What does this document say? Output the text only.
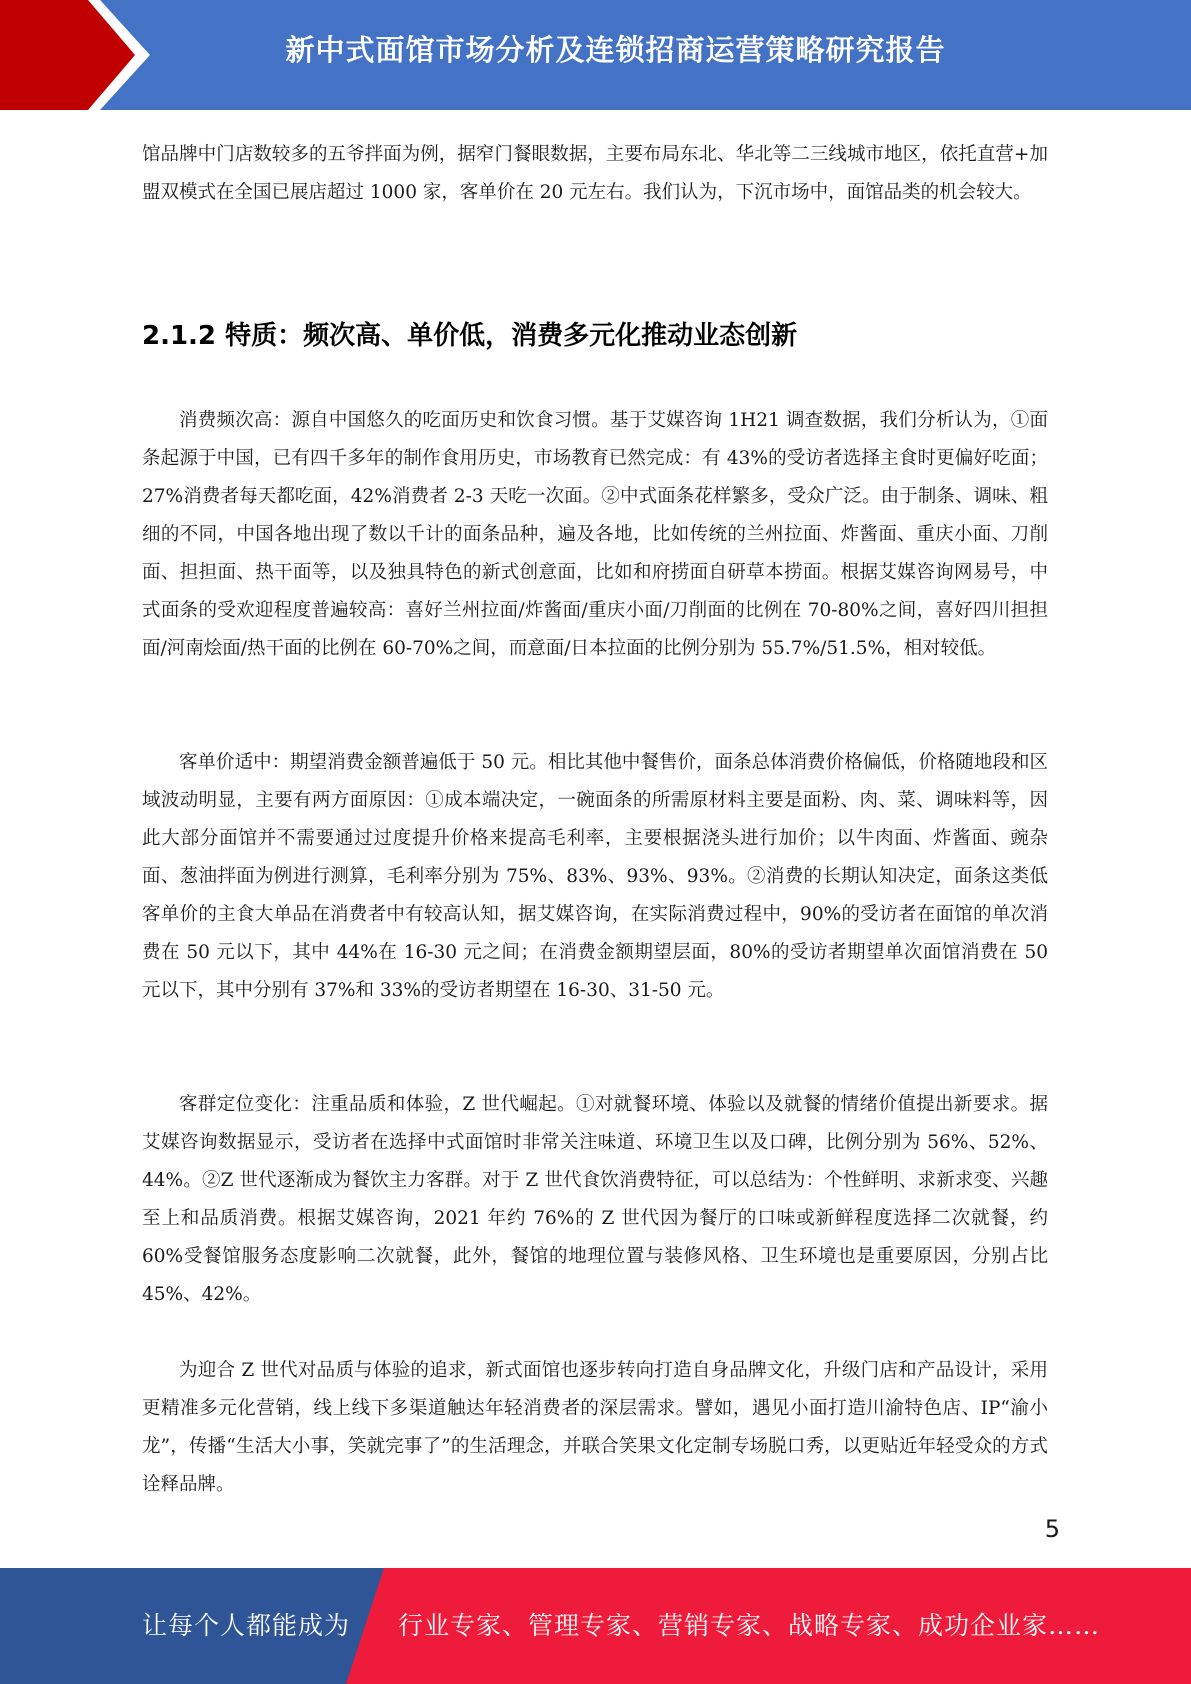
新中式面馆市场分析及连锁招商运营策略研究报告

馆品牌中门店数较多的五爷拌面为例，据窄门餐眼数据，主要布局东北、华北等二三线城市地区，依托直营+加盟双模式在全国已展店超过 1000 家，客单价在 20 元左右。我们认为，下沉市场中，面馆品类的机会较大。

2.1.2 特质：频次高、单价低，消费多元化推动业态创新

消费频次高：源自中国悠久的吃面历史和饮食习惯。基于艾媒咨询 1H21 调查数据，我们分析认为，①面条起源于中国，已有四千多年的制作食用历史，市场教育已然完成：有 43%的受访者选择主食时更偏好吃面；27%消费者每天都吃面，42%消费者 2-3 天吃一次面。②中式面条花样繁多，受众广泛。由于制条、调味、粗细的不同，中国各地出现了数以千计的面条品种，遍及各地，比如传统的兰州拉面、炸酱面、重庆小面、刀削面、担担面、热干面等，以及独具特色的新式创意面，比如和府捞面自研草本捞面。根据艾媒咨询网易号，中式面条的受欢迎程度普遍较高：喜好兰州拉面/炸酱面/重庆小面/刀削面的比例在 70-80%之间，喜好四川担担面/河南烩面/热干面的比例在 60-70%之间，而意面/日本拉面的比例分别为 55.7%/51.5%，相对较低。

客单价适中：期望消费金额普遍低于 50 元。相比其他中餐售价，面条总体消费价格偏低，价格随地段和区域波动明显，主要有两方面原因：①成本端决定，一碗面条的所需原材料主要是面粉、肉、菜、调味料等，因此大部分面馆并不需要通过过度提升价格来提高毛利率，主要根据浇头进行加价；以牛肉面、炸酱面、豌杂面、葱油拌面为例进行测算，毛利率分别为 75%、83%、93%、93%。②消费的长期认知决定，面条这类低客单价的主食大单品在消费者中有较高认知，据艾媒咨询，在实际消费过程中，90%的受访者在面馆的单次消费在 50 元以下，其中 44%在 16-30 元之间；在消费金额期望层面，80%的受访者期望单次面馆消费在 50 元以下，其中分别有 37%和 33%的受访者期望在 16-30、31-50 元。

客群定位变化：注重品质和体验，Z 世代崛起。①对就餐环境、体验以及就餐的情绪价值提出新要求。据艾媒咨询数据显示，受访者在选择中式面馆时非常关注味道、环境卫生以及口碑，比例分别为 56%、52%、44%。②Z 世代逐渐成为餐饮主力客群。对于 Z 世代食饮消费特征，可以总结为：个性鲜明、求新求变、兴趣至上和品质消费。根据艾媒咨询，2021 年约 76%的 Z 世代因为餐厅的口味或新鲜程度选择二次就餐，约 60%受餐馆服务态度影响二次就餐，此外，餐馆的地理位置与装修风格、卫生环境也是重要原因，分别占比 45%、42%。

为迎合 Z 世代对品质与体验的追求，新式面馆也逐步转向打造自身品牌文化，升级门店和产品设计，采用更精准多元化营销，线上线下多渠道触达年轻消费者的深层需求。譬如，遇见小面打造川渝特色店、IP“渝小龙”，传播“生活大小事，笑就完事了”的生活理念，并联合笑果文化定制专场脱口秀，以更贴近年轻受众的方式诠释品牌。

5
让每个人都能成为 行业专家、管理专家、营销专家、战略专家、成功企业家……
